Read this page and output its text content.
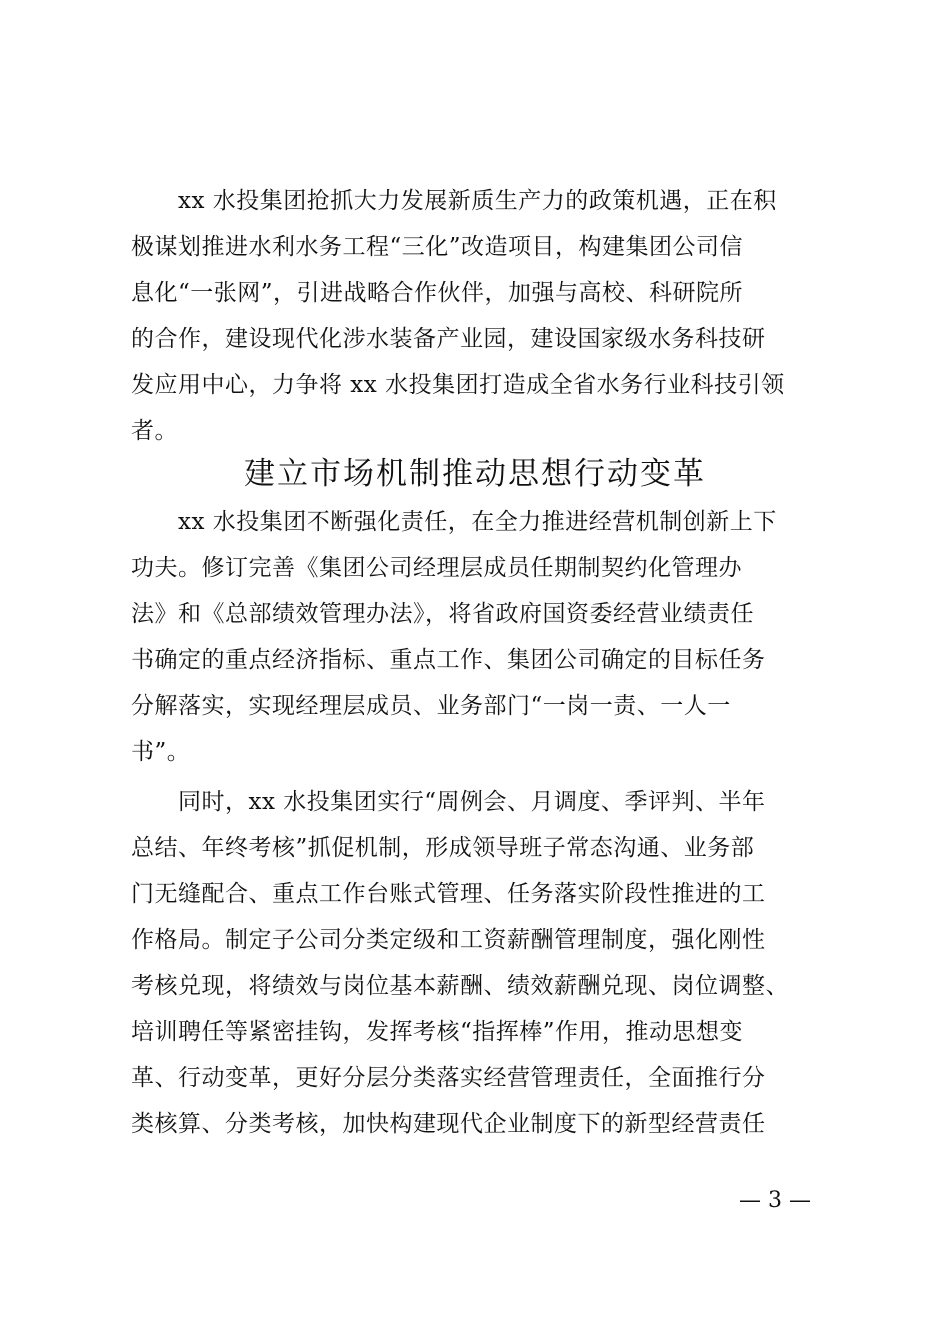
　　xx 水投集团抢抓大力发展新质生产力的政策机遇，正在积
极谋划推进水利水务工程“三化”改造项目，构建集团公司信
息化“一张网”，引进战略合作伙伴，加强与高校、科研院所
的合作，建设现代化涉水装备产业园，建设国家级水务科技研
发应用中心，力争将 xx 水投集团打造成全省水务行业科技引领
者。
建立市场机制推动思想行动变革
　　xx 水投集团不断强化责任，在全力推进经营机制创新上下
功夫。修订完善《集团公司经理层成员任期制契约化管理办
法》和《总部绩效管理办法》，将省政府国资委经营业绩责任
书确定的重点经济指标、重点工作、集团公司确定的目标任务
分解落实，实现经理层成员、业务部门“一岗一责、一人一
书”。
　　同时，xx 水投集团实行“周例会、月调度、季评判、半年
总结、年终考核”抓促机制，形成领导班子常态沟通、业务部
门无缝配合、重点工作台账式管理、任务落实阶段性推进的工
作格局。制定子公司分类定级和工资薪酬管理制度，强化刚性
考核兑现，将绩效与岗位基本薪酬、绩效薪酬兑现、岗位调整、
培训聘任等紧密挂钩，发挥考核“指挥棒”作用，推动思想变
革、行动变革，更好分层分类落实经营管理责任，全面推行分
类核算、分类考核，加快构建现代企业制度下的新型经营责任
— 3 —
